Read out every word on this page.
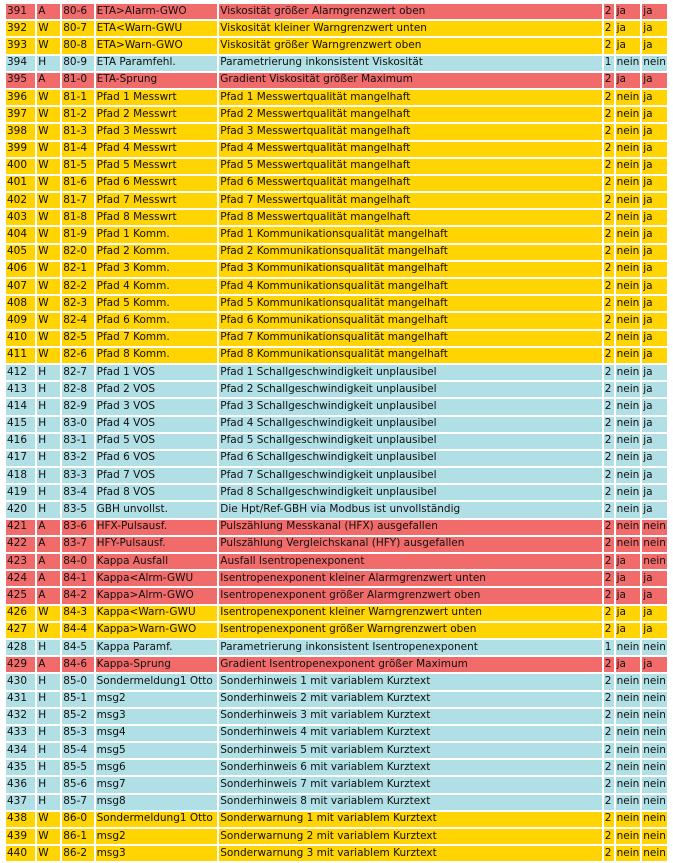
391	A	80-6	ETA>Alarm-GWO	Viskosität größer Alarmgrenzwert oben	2	ja	ja
392	W	80-7	ETA<Warn-GWU	Viskosität kleiner Warngrenzwert unten	2	ja	ja
393	W	80-8	ETA>Warn-GWO	Viskosität größer Warngrenzwert oben	2	ja	ja
394	H	80-9	ETA Paramfehl.	Parametrierung inkonsistent Viskosität	1	nein	nein
395	A	81-0	ETA-Sprung	Gradient Viskosität größer Maximum	2	ja	ja
396	W	81-1	Pfad 1 Messwrt	Pfad 1 Messwertqualität mangelhaft	2	nein	ja
397	W	81-2	Pfad 2 Messwrt	Pfad 2 Messwertqualität mangelhaft	2	nein	ja
398	W	81-3	Pfad 3 Messwrt	Pfad 3 Messwertqualität mangelhaft	2	nein	ja
399	W	81-4	Pfad 4 Messwrt	Pfad 4 Messwertqualität mangelhaft	2	nein	ja
400	W	81-5	Pfad 5 Messwrt	Pfad 5 Messwertqualität mangelhaft	2	nein	ja
401	W	81-6	Pfad 6 Messwrt	Pfad 6 Messwertqualität mangelhaft	2	nein	ja
402	W	81-7	Pfad 7 Messwrt	Pfad 7 Messwertqualität mangelhaft	2	nein	ja
403	W	81-8	Pfad 8 Messwrt	Pfad 8 Messwertqualität mangelhaft	2	nein	ja
404	W	81-9	Pfad 1 Komm.	Pfad 1 Kommunikationsqualität mangelhaft	2	nein	ja
405	W	82-0	Pfad 2 Komm.	Pfad 2 Kommunikationsqualität mangelhaft	2	nein	ja
406	W	82-1	Pfad 3 Komm.	Pfad 3 Kommunikationsqualität mangelhaft	2	nein	ja
407	W	82-2	Pfad 4 Komm.	Pfad 4 Kommunikationsqualität mangelhaft	2	nein	ja
408	W	82-3	Pfad 5 Komm.	Pfad 5 Kommunikationsqualität mangelhaft	2	nein	ja
409	W	82-4	Pfad 6 Komm.	Pfad 6 Kommunikationsqualität mangelhaft	2	nein	ja
410	W	82-5	Pfad 7 Komm.	Pfad 7 Kommunikationsqualität mangelhaft	2	nein	ja
411	W	82-6	Pfad 8 Komm.	Pfad 8 Kommunikationsqualität mangelhaft	2	nein	ja
412	H	82-7	Pfad 1 VOS	Pfad 1 Schallgeschwindigkeit unplausibel	2	nein	ja
413	H	82-8	Pfad 2 VOS	Pfad 2 Schallgeschwindigkeit unplausibel	2	nein	ja
414	H	82-9	Pfad 3 VOS	Pfad 3 Schallgeschwindigkeit unplausibel	2	nein	ja
415	H	83-0	Pfad 4 VOS	Pfad 4 Schallgeschwindigkeit unplausibel	2	nein	ja
416	H	83-1	Pfad 5 VOS	Pfad 5 Schallgeschwindigkeit unplausibel	2	nein	ja
417	H	83-2	Pfad 6 VOS	Pfad 6 Schallgeschwindigkeit unplausibel	2	nein	ja
418	H	83-3	Pfad 7 VOS	Pfad 7 Schallgeschwindigkeit unplausibel	2	nein	ja
419	H	83-4	Pfad 8 VOS	Pfad 8 Schallgeschwindigkeit unplausibel	2	nein	ja
420	H	83-5	GBH unvollst.	Die Hpt/Ref-GBH via Modbus ist unvollständig	2	nein	ja
421	A	83-6	HFX-Pulsausf.	Pulszählung Messkanal (HFX) ausgefallen	2	nein	nein
422	A	83-7	HFY-Pulsausf.	Pulszählung Vergleichskanal (HFY) ausgefallen	2	nein	nein
423	A	84-0	Kappa Ausfall	Ausfall Isentropenexponent	2	ja	nein
424	A	84-1	Kappa<Alrm-GWU	Isentropenexponent kleiner Alarmgrenzwert unten	2	ja	ja
425	A	84-2	Kappa>Alrm-GWO	Isentropenexponent größer Alarmgrenzwert oben	2	ja	ja
426	W	84-3	Kappa<Warn-GWU	Isentropenexponent kleiner Warngrenzwert unten	2	ja	ja
427	W	84-4	Kappa>Warn-GWO	Isentropenexponent größer Warngrenzwert oben	2	ja	ja
428	H	84-5	Kappa Paramf.	Parametrierung inkonsistent Isentropenexponent	1	nein	nein
429	A	84-6	Kappa-Sprung	Gradient Isentropenexponent größer Maximum	2	ja	ja
430	H	85-0	Sondermeldung1 Otto	Sonderhinweis 1 mit variablem Kurztext	2	nein	nein
431	H	85-1	msg2	Sonderhinweis 2 mit variablem Kurztext	2	nein	nein
432	H	85-2	msg3	Sonderhinweis 3 mit variablem Kurztext	2	nein	nein
433	H	85-3	msg4	Sonderhinweis 4 mit variablem Kurztext	2	nein	nein
434	H	85-4	msg5	Sonderhinweis 5 mit variablem Kurztext	2	nein	nein
435	H	85-5	msg6	Sonderhinweis 6 mit variablem Kurztext	2	nein	nein
436	H	85-6	msg7	Sonderhinweis 7 mit variablem Kurztext	2	nein	nein
437	H	85-7	msg8	Sonderhinweis 8 mit variablem Kurztext	2	nein	nein
438	W	86-0	Sondermeldung1 Otto	Sonderwarnung 1 mit variablem Kurztext	2	nein	nein
439	W	86-1	msg2	Sonderwarnung 2 mit variablem Kurztext	2	nein	nein
440	W	86-2	msg3	Sonderwarnung 3 mit variablem Kurztext	2	nein	nein
